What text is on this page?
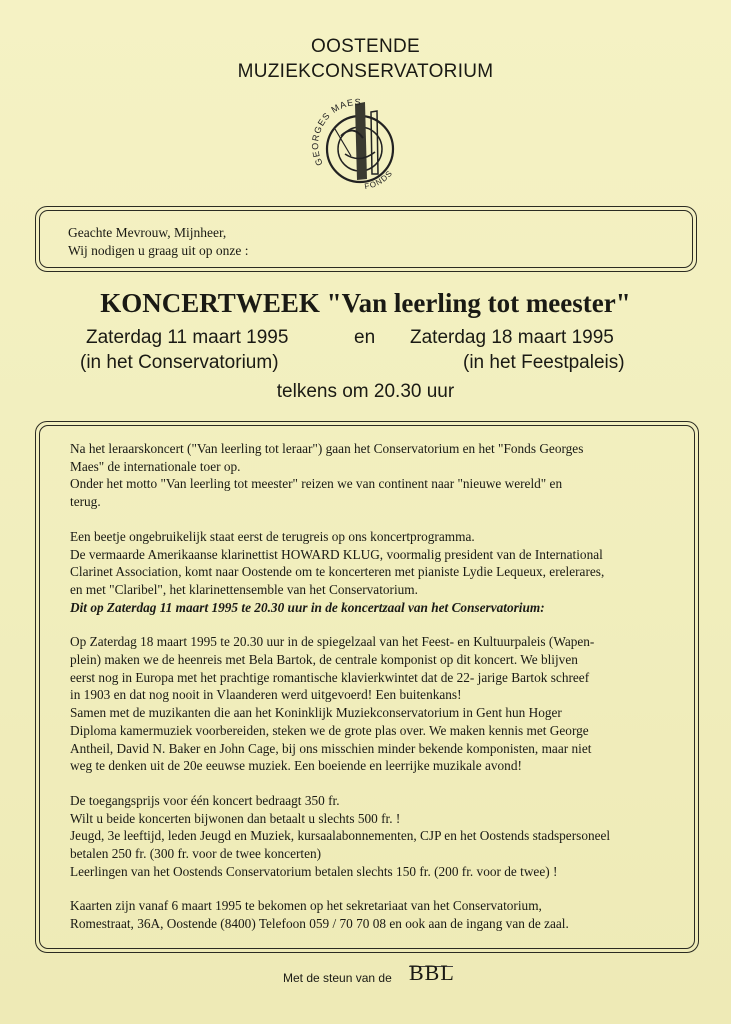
OOSTENDE
MUZIEKCONSERVATORIUM
GEORGES MAES
FONDS
Geachte Mevrouw, Mijnheer,
Wij nodigen u graag uit op onze :
KONCERTWEEK "Van leerling tot meester"
Zaterdag 11 maart 1995	en Zaterdag 18 maart 1995
(in het Conservatorium)	(in het Feestpaleis)
telkens om 20.30 uur

Na het leraarskoncert ("Van leerling tot leraar") gaan het Conservatorium en het "Fonds Georges
Maes" de internationale toer op.
Onder het motto "Van leerling tot meester" reizen we van continent naar "nieuwe wereld" en
terug.

Een beetje ongebruikelijk staat eerst de terugreis op ons koncertprogramma.
De vermaarde Amerikaanse klarinettist HOWARD KLUG, voormalig president van de International
Clarinet Association, komt naar Oostende om te koncerteren met pianiste Lydie Lequeux, erelerares,
en met "Claribel", het klarinettensemble van het Conservatorium.
Dit op Zaterdag 11 maart 1995 te 20.30 uur in de koncertzaal van het Conservatorium:

Op Zaterdag 18 maart 1995 te 20.30 uur in de spiegelzaal van het Feest- en Kultuurpaleis (Wapen-
plein) maken we de heenreis met Bela Bartok, de centrale komponist op dit koncert. We blijven
eerst nog in Europa met het prachtige romantische klavierkwintet dat de 22- jarige Bartok schreef
in 1903 en dat nog nooit in Vlaanderen werd uitgevoerd! Een buitenkans!
Samen met de muzikanten die aan het Koninklijk Muziekconservatorium in Gent hun Hoger
Diploma kamermuziek voorbereiden, steken we de grote plas over. We maken kennis met George
Antheil, David N. Baker en John Cage, bij ons misschien minder bekende komponisten, maar niet
weg te denken uit de 20e eeuwse muziek. Een boeiende en leerrijke muzikale avond!

De toegangsprijs voor één koncert bedraagt 350 fr.
Wilt u beide koncerten bijwonen dan betaalt u slechts 500 fr. !
Jeugd, 3e leeftijd, leden Jeugd en Muziek, kursaalabonnementen, CJP en het Oostends stadspersoneel
betalen 250 fr. (300 fr. voor de twee koncerten)
Leerlingen van het Oostends Conservatorium betalen slechts 150 fr. (200 fr. voor de twee) !

Kaarten zijn vanaf 6 maart 1995 te bekomen op het sekretariaat van het Conservatorium,
Romestraat, 36A, Oostende (8400) Telefoon 059 / 70 70 08 en ook aan de ingang van de zaal.

Met de steun van de BBL
